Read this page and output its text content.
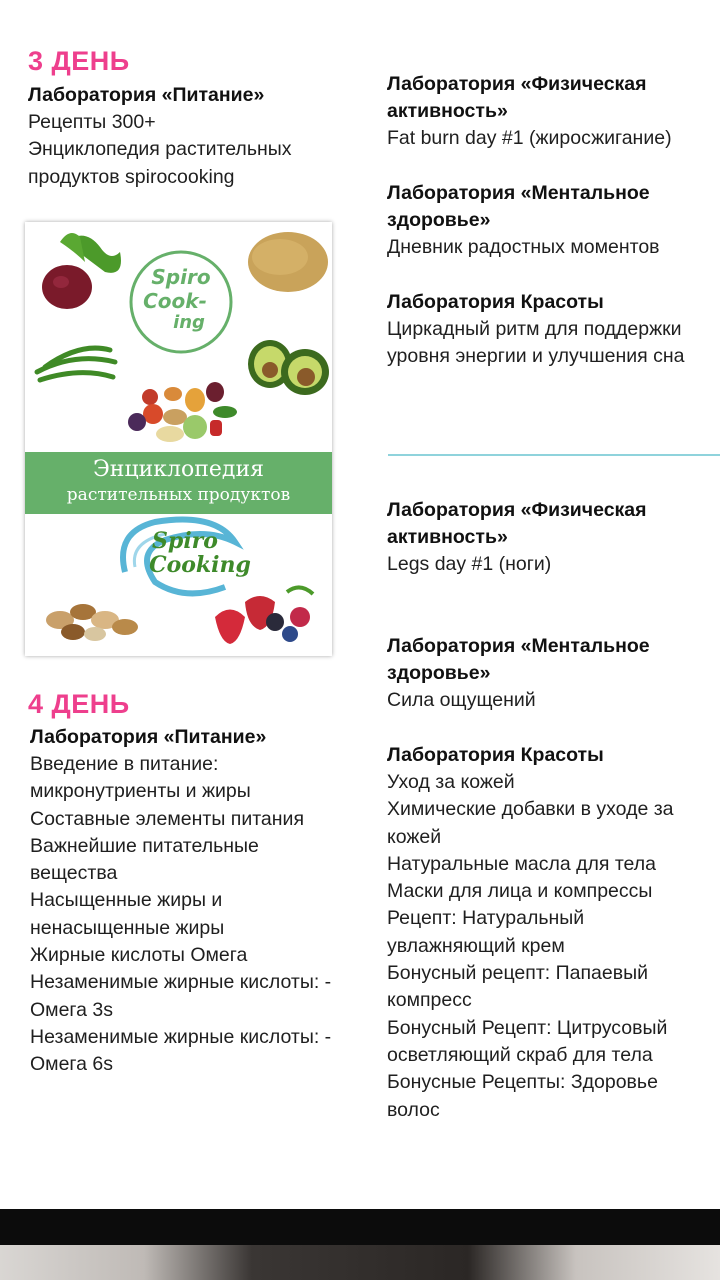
3 ДЕНЬ
Лаборатория «Питание»
Рецепты 300+
Энциклопедия растительных
продуктов spirocooking
Spiro
Cook-
ing
Spiro
Cooking
Энциклопедия
растительных продуктов
4 ДЕНЬ
Лаборатория «Питание»
Введение в питание:
микронутриенты и жиры
Составные элементы питания
Важнейшие питательные
вещества
Насыщенные жиры и
ненасыщенные жиры
Жирные кислоты Омега
Незаменимые жирные кислоты: -
Омега 3s
Незаменимые жирные кислоты: -
Омега 6s
Лаборатория «Физическая
активность»
Fat burn day #1 (жиросжигание)
Лаборатория «Ментальное
здоровье»
Дневник радостных моментов
Лаборатория Красоты
Циркадный ритм для поддержки
уровня энергии и улучшения сна
Лаборатория «Физическая
активность»
Legs day #1 (ноги)
Лаборатория «Ментальное
здоровье»
Сила ощущений
Лаборатория Красоты
Уход за кожей
Химические добавки в уходе за
кожей
Натуральные масла для тела
Маски для лица и компрессы
Рецепт: Натуральный
увлажняющий крем
Бонусный рецепт: Папаевый
компресс
Бонусный Рецепт: Цитрусовый
осветляющий скраб для тела
Бонусные Рецепты: Здоровье
волос
